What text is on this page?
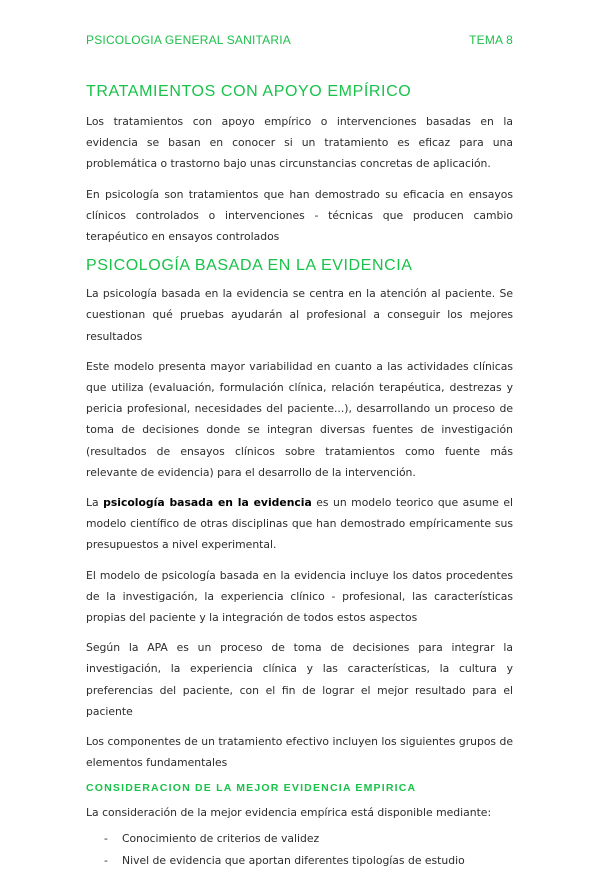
PSICOLOGIA GENERAL SANITARIA	TEMA 8
TRATAMIENTOS CON APOYO EMPÍRICO

Los tratamientos con apoyo empírico o intervenciones basadas en la evidencia se basan en conocer si un tratamiento es eficaz para una problemática o trastorno bajo unas circunstancias concretas de aplicación.

En psicología son tratamientos que han demostrado su eficacia en ensayos clínicos controlados o intervenciones - técnicas que producen cambio terapéutico en ensayos controlados

PSICOLOGÍA BASADA EN LA EVIDENCIA

La psicología basada en la evidencia se centra en la atención al paciente. Se cuestionan qué pruebas ayudarán al profesional a conseguir los mejores resultados

Este modelo presenta mayor variabilidad en cuanto a las actividades clínicas que utiliza (evaluación, formulación clínica, relación terapéutica, destrezas y pericia profesional, necesidades del paciente...), desarrollando un proceso de toma de decisiones donde se integran diversas fuentes de investigación (resultados de ensayos clínicos sobre tratamientos como fuente más relevante de evidencia) para el desarrollo de la intervención.

La psicología basada en la evidencia es un modelo teorico que asume el modelo científico de otras disciplinas que han demostrado empíricamente sus presupuestos a nivel experimental.

El modelo de psicología basada en la evidencia incluye los datos procedentes de la investigación, la experiencia clínico - profesional, las características propias del paciente y la integración de todos estos aspectos

Según la APA es un proceso de toma de decisiones para integrar la investigación, la experiencia clínica y las características, la cultura y preferencias del paciente, con el fin de lograr el mejor resultado para el paciente

Los componentes de un tratamiento efectivo incluyen los siguientes grupos de elementos fundamentales

CONSIDERACION DE LA MEJOR EVIDENCIA EMPIRICA

La consideración de la mejor evidencia empírica está disponible mediante:

- Conocimiento de criterios de validez
- Nivel de evidencia que aportan diferentes tipologías de estudio
